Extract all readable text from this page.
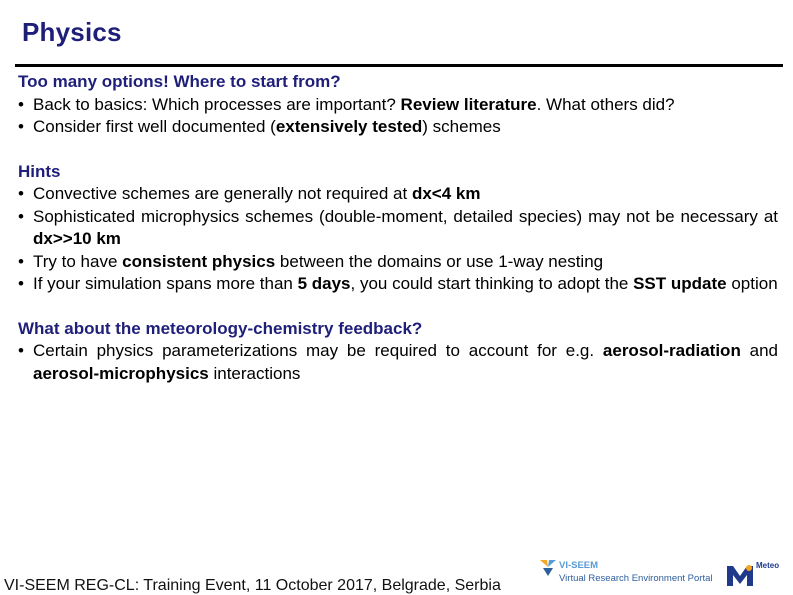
Physics
Too many options! Where to start from?
• Back to basics: Which processes are important? Review literature. What others did?
• Consider first well documented (extensively tested) schemes
Hints
• Convective schemes are generally not required at dx<4 km
• Sophisticated microphysics schemes (double-moment, detailed species) may not be necessary at dx>>10 km
• Try to have consistent physics between the domains or use 1-way nesting
• If your simulation spans more than 5 days, you could start thinking to adopt the SST update option
What about the meteorology-chemistry feedback?
• Certain physics parameterizations may be required to account for e.g. aerosol-radiation and aerosol-microphysics interactions
VI-SEEM REG-CL: Training Event, 11 October 2017, Belgrade, Serbia
VI-SEEM
Virtual Research Environment Portal
Meteo
